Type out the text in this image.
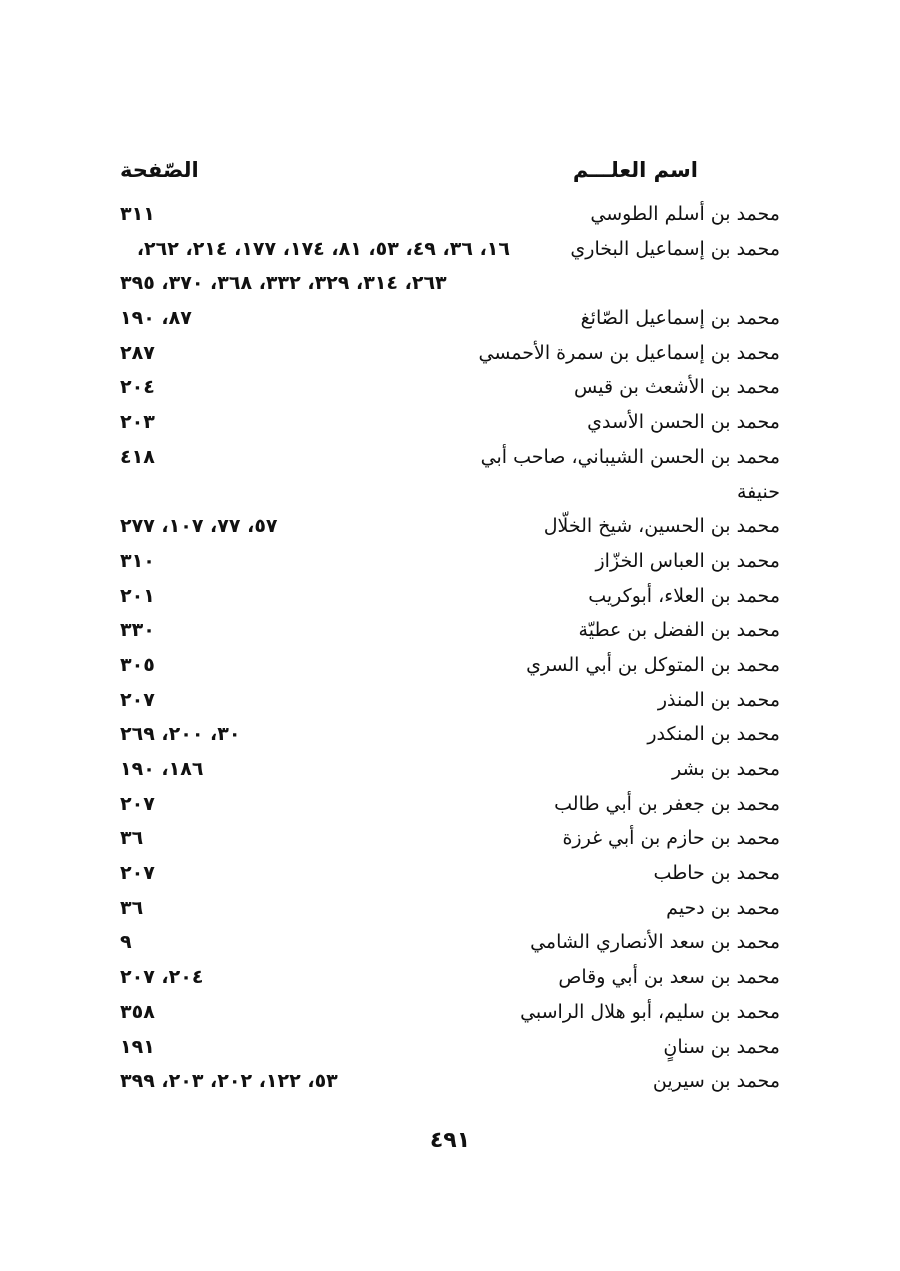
اسم العلـــم
الصّفحة
محمد بن أسلم الطوسي
٣١١
محمد بن إسماعيل البخاري
١٦، ٣٦، ٤٩، ٥٣، ٨١، ١٧٤، ١٧٧، ٢١٤، ٢٦٢،
٢٦٣، ٣١٤، ٣٢٩، ٣٣٢، ٣٦٨، ٣٧٠، ٣٩٥
محمد بن إسماعيل الصّائغ
٨٧، ١٩٠
محمد بن إسماعيل بن سمرة الأحمسي
٢٨٧
محمد بن الأشعث بن قيس
٢٠٤
محمد بن الحسن الأسدي
٢٠٣
محمد بن الحسن الشيباني، صاحب أبي
٤١٨
حنيفة
محمد بن الحسين، شيخ الخلّال
٥٧، ٧٧، ١٠٧، ٢٧٧
محمد بن العباس الخزّاز
٣١٠
محمد بن العلاء، أبوكريب
٢٠١
محمد بن الفضل بن عطيّة
٣٣٠
محمد بن المتوكل بن أبي السري
٣٠٥
محمد بن المنذر
٢٠٧
محمد بن المنكدر
٣٠، ٢٠٠، ٢٦٩
محمد بن بشر
١٨٦، ١٩٠
محمد بن جعفر بن أبي طالب
٢٠٧
محمد بن حازم بن أبي غرزة
٣٦
محمد بن حاطب
٢٠٧
محمد بن دحيم
٣٦
محمد بن سعد الأنصاري الشامي
٩
محمد بن سعد بن أبي وقاص
٢٠٤، ٢٠٧
محمد بن سليم، أبو هلال الراسبي
٣٥٨
محمد بن سنانٍ
١٩١
محمد بن سيرين
٥٣، ١٢٢، ٢٠٢، ٢٠٣، ٣٩٩
٤٩١
